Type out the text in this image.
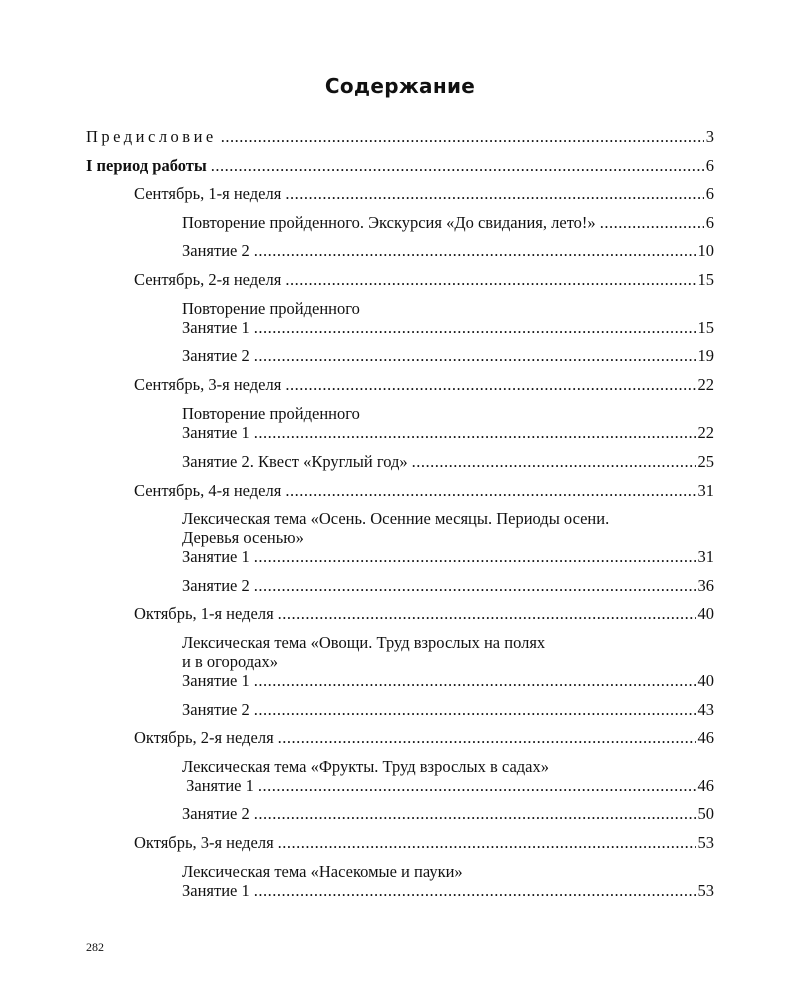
Содержание
Предисловие .....	3
I период работы .....	6
Сентябрь, 1-я неделя .....	6
Повторение пройденного. Экскурсия «До свидания, лето!» .....	6
Занятие 2 .....	10
Сентябрь, 2-я неделя .....	15
Повторение пройденного
Занятие 1 .....	15
Занятие 2 .....	19
Сентябрь, 3-я неделя .....	22
Повторение пройденного
Занятие 1 .....	22
Занятие 2. Квест «Круглый год» .....	25
Сентябрь, 4-я неделя .....	31
Лексическая тема «Осень. Осенние месяцы. Периоды осени.
Деревья осенью»
Занятие 1 .....	31
Занятие 2 .....	36
Октябрь, 1-я неделя .....	40
Лексическая тема «Овощи. Труд взрослых на полях
и в огородах»
Занятие 1 .....	40
Занятие 2 .....	43
Октябрь, 2-я неделя .....	46
Лексическая тема «Фрукты. Труд взрослых в садах»
Занятие 1 .....	46
Занятие 2 .....	50
Октябрь, 3-я неделя .....	53
Лексическая тема «Насекомые и пауки»
Занятие 1 .....	53
282
